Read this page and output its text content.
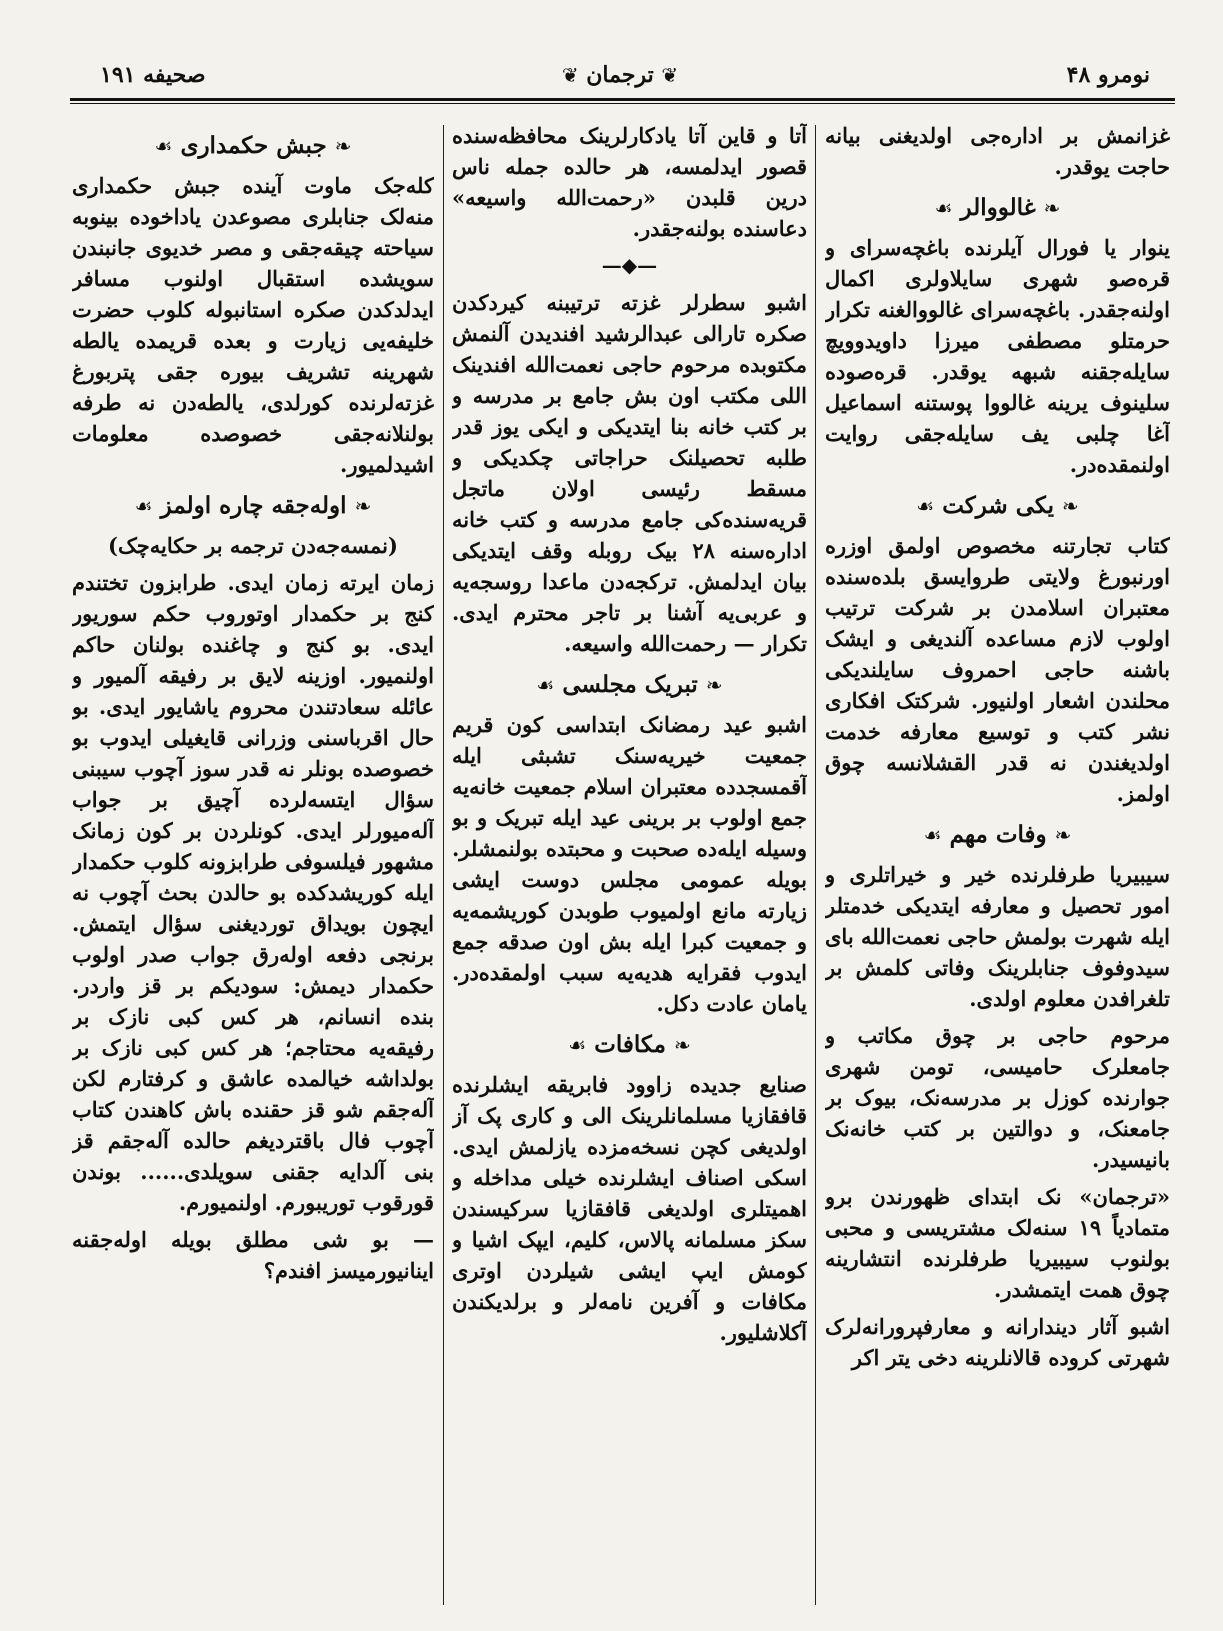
نومرو ۴۸
❦ ترجمان ❦
صحیفه ۱۹۱

غزانمش بر ادارەجی اولدیغنی بیانه حاجت یوقدر.

❧ غالووالر ☙

ینوار یا فورال آیلرنده باغچەسرای و قرەصو شهری سایلاولری اکمال اولنەجقدر. باغچەسرای غالووالغنه تکرار حرمتلو مصطفی میرزا داویدوویچ سایلەجقنه شبهه یوقدر. قرەصوده سلینوف یرینه غالووا پوستنه اسماعیل آغا چلبی یف سایلەجقی روایت اولنمقدەدر.

❧ یکی شرکت ☙

کتاب تجارتنه مخصوص اولمق اوزره اورنبورغ ولایتی طروایسق بلدەسنده معتبران اسلامدن بر شرکت ترتیب اولوب لازم مساعده آلندیغی و ایشک باشنه حاجی احمروف سایلندیکی محلندن اشعار اولنیور. شرکتک افکاری نشر کتب و توسیع معارفه خدمت اولدیغندن نه قدر القشلانسه چوق اولمز.

❧ وفات مهم ☙

سیبیریا طرفلرنده خیر و خیراتلری و امور تحصیل و معارفه ایتدیکی خدمتلر ایله شهرت بولمش حاجی نعمت‌الله بای سیدوفوف جنابلرینک وفاتی کلمش بر تلغرافدن معلوم اولدی.

مرحوم حاجی بر چوق مکاتب و جامعلرک حامیسی، تومن شهری جوارنده کوزل بر مدرسەنک، بیوک بر جامعنک، و دوالتین بر کتب خانەنک بانیسیدر.

«ترجمان» نک ابتدای ظهورندن برو متمادیاً ۱۹ سنەلک مشتریسی و محبی بولنوب سیبیریا طرفلرنده انتشارینه چوق همت ایتمشدر.

اشبو آثار دیندارانه و معارفپرورانەلرک شهرتی کروده قالانلرینه دخی یتر اکر

آتا و قاین آتا یادکارلرینک محافظەسنده قصور ایدلمسه، هر حالده جمله ناس درین قلبدن «رحمت‌الله واسیعه» دعاسنده بولنەجقدر.

—◆—

اشبو سطرلر غزته ترتیبنه کیردکدن صکره تارالی عبدالرشید افندیدن آلنمش مکتوبده مرحوم حاجی نعمت‌الله افندینک اللی مکتب اون بش جامع بر مدرسه و بر کتب خانه بنا ایتدیکی و ایکی یوز قدر طلبه تحصیلنک حراجاتی چکدیکی و مسقط رئیسی اولان ماتجل قریەسندەکی جامع مدرسه و کتب خانه ادارەسنه ۲۸ بیک روبله وقف ایتدیکی بیان ایدلمش. ترکجەدن ماعدا روسجەیه و عربی‌یه آشنا بر تاجر محترم ایدی. تکرار — رحمت‌الله واسیعه.

❧ تبریک مجلسی ☙

اشبو عید رمضانک ابتداسی کون قریم جمعیت خیریەسنک تشبثی ایله آقمسجدده معتبران اسلام جمعیت خانەیه جمع اولوب بر برینی عید ایله تبریک و بو وسیله ایلەده صحبت و محبتده بولنمشلر. بویله عمومی مجلس دوست ایشی زیارته مانع اولمیوب طوبدن کوریشمەیه و جمعیت کبرا ایله بش اون صدقه جمع ایدوب فقرایه هدیەیه سبب اولمقدەدر. یامان عادت دکل.

❧ مکافات ☙

صنایع جدیده زاوود فابریقه ایشلرنده قافقازیا مسلمانلرینک الی و کاری پک آز اولدیغی کچن نسخەمزده یازلمش ایدی. اسکی اصناف ایشلرنده خیلی مداخله و اهمیتلری اولدیغی قافقازیا سرکیسندن سکز مسلمانه پالاس، کلیم، ایپک اشیا و کومش ایپ ایشی شیلردن اوتری مکافات و آفرین نامەلر و برلدیکندن آکلاشلیور.

❧ جبش حکمداری ☙

کلەجک ماوت آینده جبش حکمداری منەلک جنابلری مصوعدن یاداخوده بینوبه سیاحته چیقەجقی و مصر خدیوی جانبندن سویشده استقبال اولنوب مسافر ایدلدکدن صکره استانبوله کلوب حضرت خلیفەیی زیارت و بعده قریمده یالطه شهرینه تشریف بیوره جقی پتربورغ غزتەلرنده کورلدی، یالطەدن نه طرفه بولنلانەجقی خصوصده معلومات اشیدلمیور.

❧ اولەجقه چاره اولمز ☙

(نمسەجەدن ترجمه بر حکایەچک)

زمان ایرته زمان ایدی. طرابزون تختندم کنج بر حکمدار اوتوروب حکم سوریور ایدی. بو کنج و چاغنده بولنان حاکم اولنمیور. اوزینه لایق بر رفیقه آلمیور و عائله سعادتندن محروم یاشایور ایدی. بو حال اقرباسنی وزرانی قایغیلی ایدوب بو خصوصده بونلر نه قدر سوز آچوب سیبنی سؤال ایتسەلرده آچیق بر جواب آلەمیورلر ایدی. کونلردن بر کون زمانک مشهور فیلسوفی طرابزونه کلوب حکمدار ایله کوریشدکده بو حالدن بحث آچوب نه ایچون بویداق توردیغنی سؤال ایتمش. برنجی دفعه اولەرق جواب صدر اولوب حکمدار دیمش: سودیکم بر قز واردر. بنده انسانم، هر کس کبی نازک بر رفیقەیه محتاجم؛ هر کس کبی نازک بر بولداشه خیالمده عاشق و کرفتارم لکن آلەجقم شو قز حقنده باش کاهندن کتاب آچوب فال باقتردیغم حالده آلەجقم قز بنی آلدایه جقنی سویلدی...... بوندن قورقوب توریبورم. اولنمیورم.

— بو شی مطلق بویله اولەجقنه اینانیورمیسز افندم؟
